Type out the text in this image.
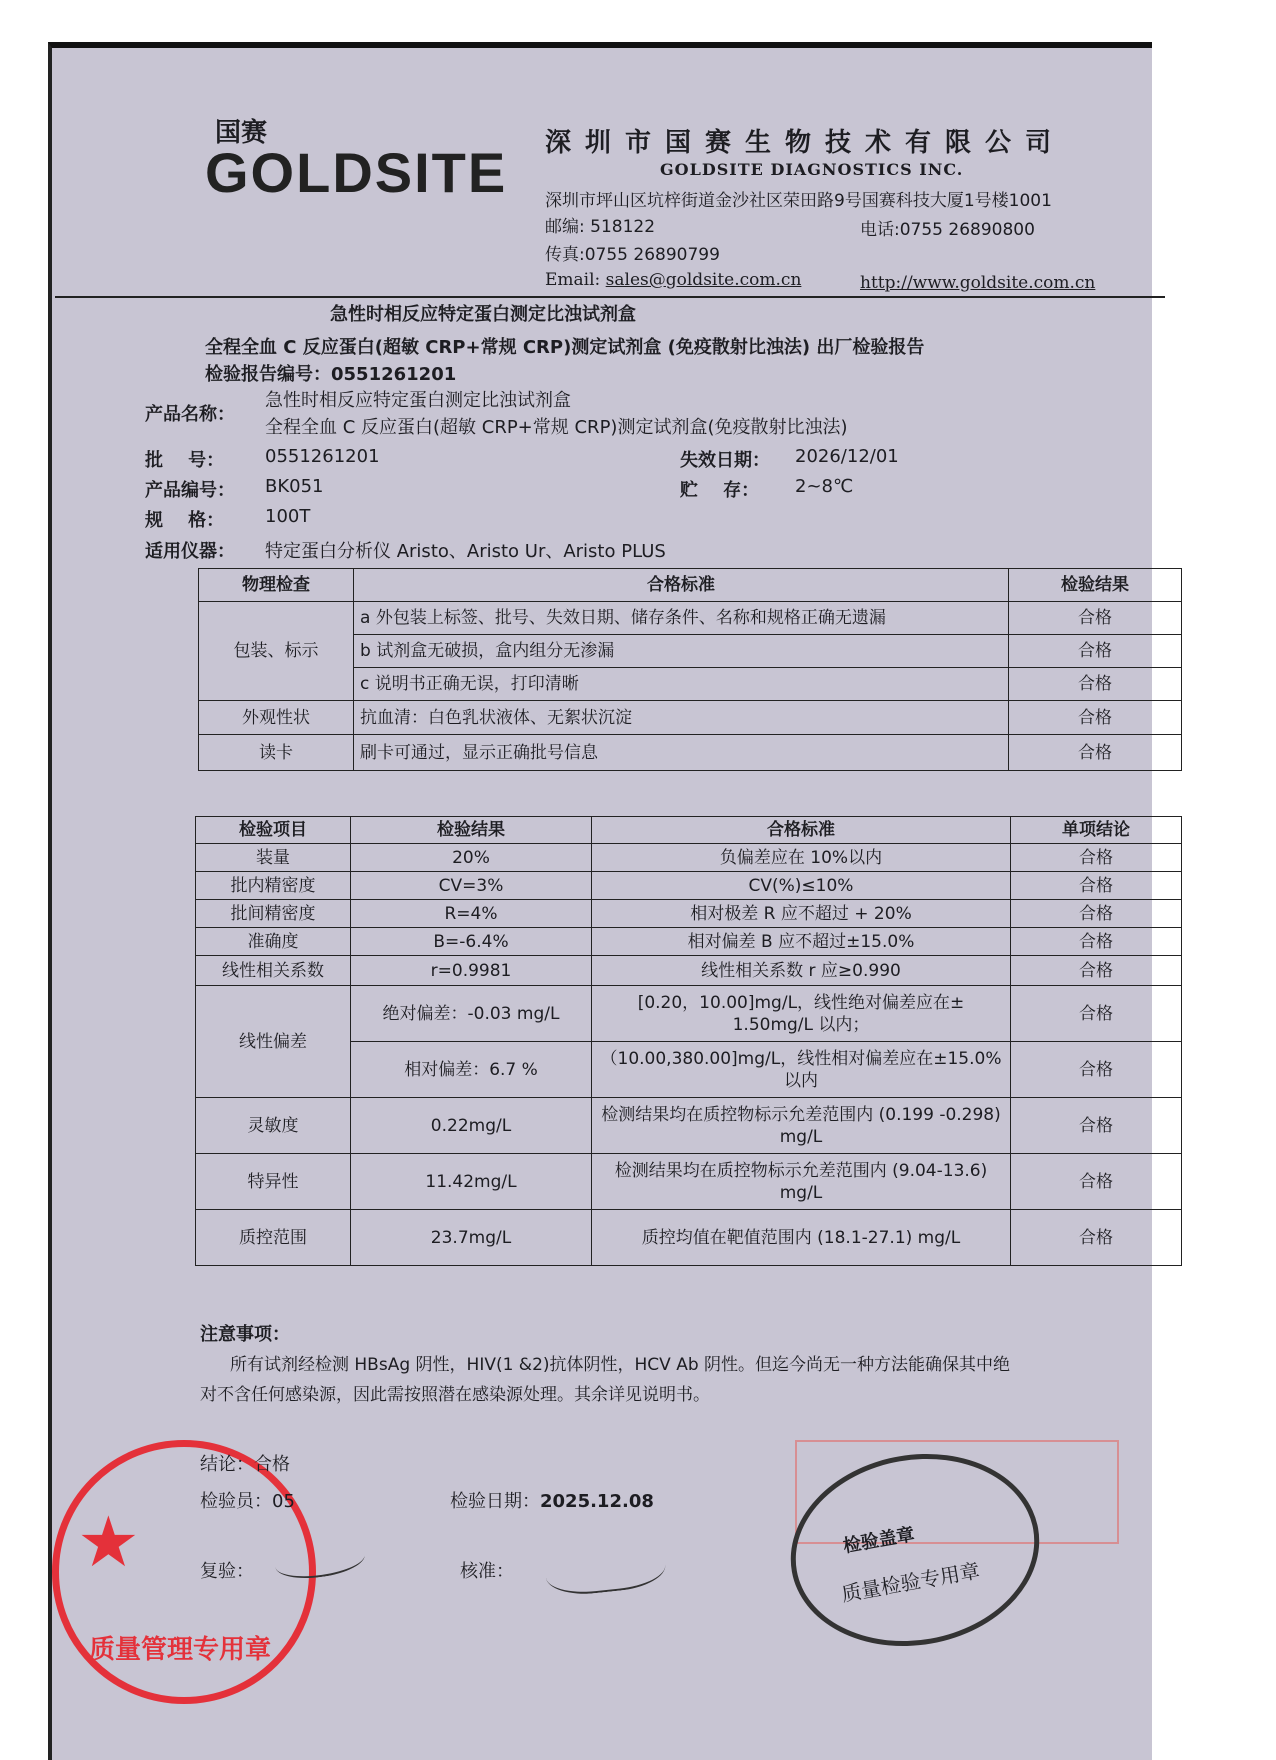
国赛
GOLDSITE 深圳市国赛生物技术有限公司
GOLDSITE DIAGNOSTICS INC.
深圳市坪山区坑梓街道金沙社区荣田路9号国赛科技大厦1号楼1001
邮编: 518122	电话:0755 26890800
传真:0755 26890799
Email: sales@goldsite.com.cn	http://www.goldsite.com.cn
急性时相反应特定蛋白测定比浊试剂盒
全程全血 C 反应蛋白(超敏 CRP+常规 CRP)测定试剂盒 (免疫散射比浊法) 出厂检验报告
检验报告编号：0551261201
产品名称：
急性时相反应特定蛋白测定比浊试剂盒
全程全血 C 反应蛋白(超敏 CRP+常规 CRP)测定试剂盒(免疫散射比浊法)
批    号： 0551261201	失效日期： 2026/12/01
产品编号： BK051	贮    存： 2~8℃
规    格： 100T
适用仪器： 特定蛋白分析仪 Aristo、Aristo Ur、Aristo PLUS
物理检查	合格标准	检验结果
包装、标示	a 外包装上标签、批号、失效日期、储存条件、名称和规格正确无遗漏	合格
	b 试剂盒无破损，盒内组分无渗漏	合格
	c 说明书正确无误，打印清晰	合格
外观性状	抗血清：白色乳状液体、无絮状沉淀	合格
读卡	刷卡可通过，显示正确批号信息	合格
检验项目	检验结果	合格标准	单项结论
装量	20%	负偏差应在 10%以内	合格
批内精密度	CV=3%	CV(%)≤10%	合格
批间精密度	R=4%	相对极差 R 应不超过 + 20%	合格
准确度	B=-6.4%	相对偏差 B 应不超过±15.0%	合格
线性相关系数	r=0.9981	线性相关系数 r 应≥0.990	合格
线性偏差	绝对偏差：-0.03 mg/L	[0.20，10.00]mg/L，线性绝对偏差应在± 1.50mg/L 以内；	合格
	相对偏差：6.7 %	（10.00,380.00]mg/L，线性相对偏差应在±15.0%以内	合格
灵敏度	0.22mg/L	检测结果均在质控物标示允差范围内 (0.199 -0.298) mg/L	合格
特异性	11.42mg/L	检测结果均在质控物标示允差范围内 (9.04-13.6) mg/L	合格
质控范围	23.7mg/L	质控均值在靶值范围内 (18.1-27.1) mg/L	合格
注意事项：
所有试剂经检测 HBsAg 阴性，HIV(1 &2)抗体阴性，HCV Ab 阴性。但迄今尚无一种方法能确保其中绝
对不含任何感染源，因此需按照潜在感染源处理。其余详见说明书。
检验盖章
质量检验专用章
★
质量管理专用章
结论：合格
检验员：05	检验日期：2025.12.08
复验：	核准：
